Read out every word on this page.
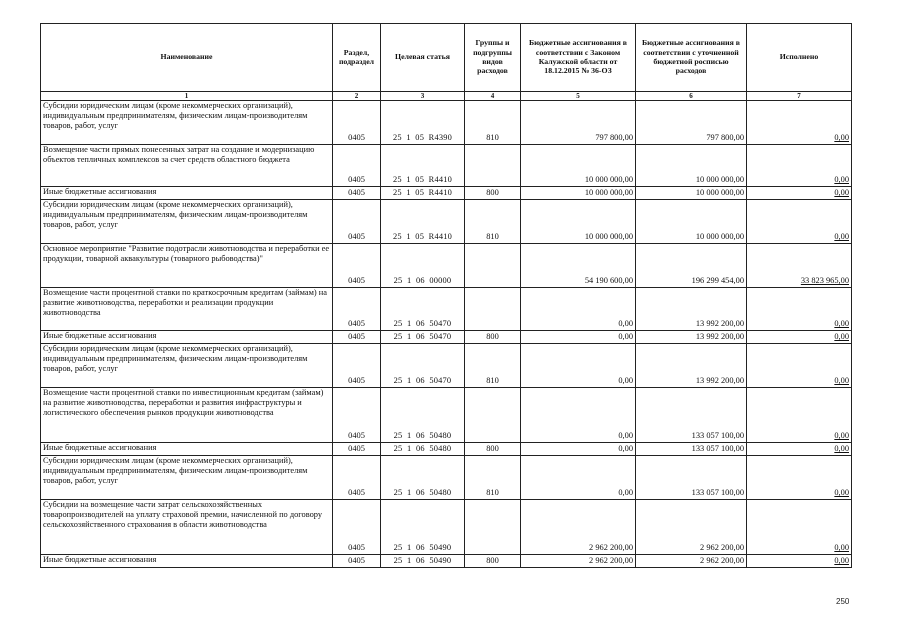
Наименование	Раздел, подраздел	Целевая статья	Группы и подгруппы видов расходов	Бюджетные ассигнования в соответствии с Законом Калужской области от 18.12.2015 № 36-ОЗ	Бюджетные ассигнования в соответствии с уточненной бюджетной росписью расходов	Исполнено
1	2	3	4	5	6	7
Субсидии юридическим лицам (кроме некоммерческих организаций), индивидуальным предпринимателям, физическим лицам-производителям товаров, работ, услуг	0405	25  1  05  R4390	810	797 800,00	797 800,00	0,00
Возмещение части прямых понесенных затрат на создание и модернизацию объектов тепличных комплексов за счет средств областного бюджета	0405	25  1  05  R4410		10 000 000,00	10 000 000,00	0,00
Иные бюджетные ассигнования	0405	25  1  05  R4410	800	10 000 000,00	10 000 000,00	0,00
Субсидии юридическим лицам (кроме некоммерческих организаций), индивидуальным предпринимателям, физическим лицам-производителям товаров, работ, услуг	0405	25  1  05  R4410	810	10 000 000,00	10 000 000,00	0,00
Основное мероприятие "Развитие подотрасли животноводства и переработки ее продукции, товарной аквакультуры (товарного рыбоводства)"	0405	25  1  06  00000		54 190 600,00	196 299 454,00	33 823 965,00
Возмещение части процентной ставки по краткосрочным кредитам (займам) на развитие животноводства, переработки и реализации продукции животноводства	0405	25  1  06  50470		0,00	13 992 200,00	0,00
Иные бюджетные ассигнования	0405	25  1  06  50470	800	0,00	13 992 200,00	0,00
Субсидии юридическим лицам (кроме некоммерческих организаций), индивидуальным предпринимателям, физическим лицам-производителям товаров, работ, услуг	0405	25  1  06  50470	810	0,00	13 992 200,00	0,00
Возмещение части процентной ставки по инвестиционным кредитам (займам) на развитие животноводства, переработки и развития инфраструктуры и логистического обеспечения рынков продукции животноводства	0405	25  1  06  50480		0,00	133 057 100,00	0,00
Иные бюджетные ассигнования	0405	25  1  06  50480	800	0,00	133 057 100,00	0,00
Субсидии юридическим лицам (кроме некоммерческих организаций), индивидуальным предпринимателям, физическим лицам-производителям товаров, работ, услуг	0405	25  1  06  50480	810	0,00	133 057 100,00	0,00
Субсидии на возмещение части затрат сельскохозяйственных товаропроизводителей на уплату страховой премии, начисленной по договору сельскохозяйственного страхования в области животноводства	0405	25  1  06  50490		2 962 200,00	2 962 200,00	0,00
Иные бюджетные ассигнования	0405	25  1  06  50490	800	2 962 200,00	2 962 200,00	0,00
250
